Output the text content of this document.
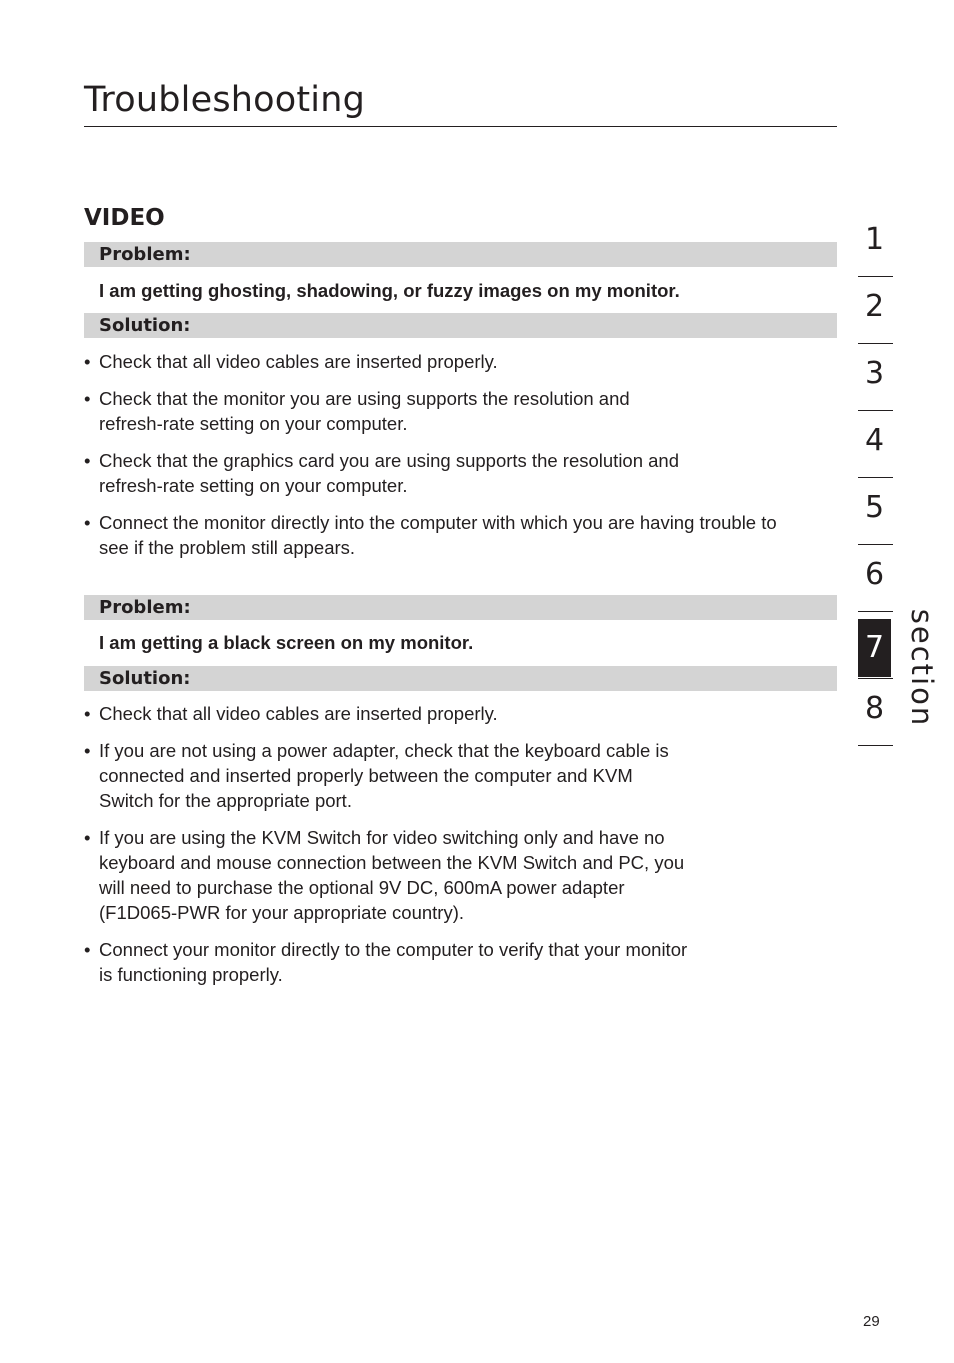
Troubleshooting
VIDEO
Problem:

I am getting ghosting, shadowing, or fuzzy images on my monitor.

Solution:
• Check that all video cables are inserted properly.
• Check that the monitor you are using supports the resolution and refresh-rate setting on your computer.
• Check that the graphics card you are using supports the resolution and refresh-rate setting on your computer.
• Connect the monitor directly into the computer with which you are having trouble to see if the problem still appears.
Problem:

I am getting a black screen on my monitor.

Solution:
• Check that all video cables are inserted properly.
• If you are not using a power adapter, check that the keyboard cable is connected and inserted properly between the computer and KVM Switch for the appropriate port.
• If you are using the KVM Switch for video switching only and have no keyboard and mouse connection between the KVM Switch and PC, you will need to purchase the optional 9V DC, 600mA power adapter (F1D065-PWR for your appropriate country).
• Connect your monitor directly to the computer to verify that your monitor is functioning properly.
1
2
3
4
5
6
7
8 section
29
